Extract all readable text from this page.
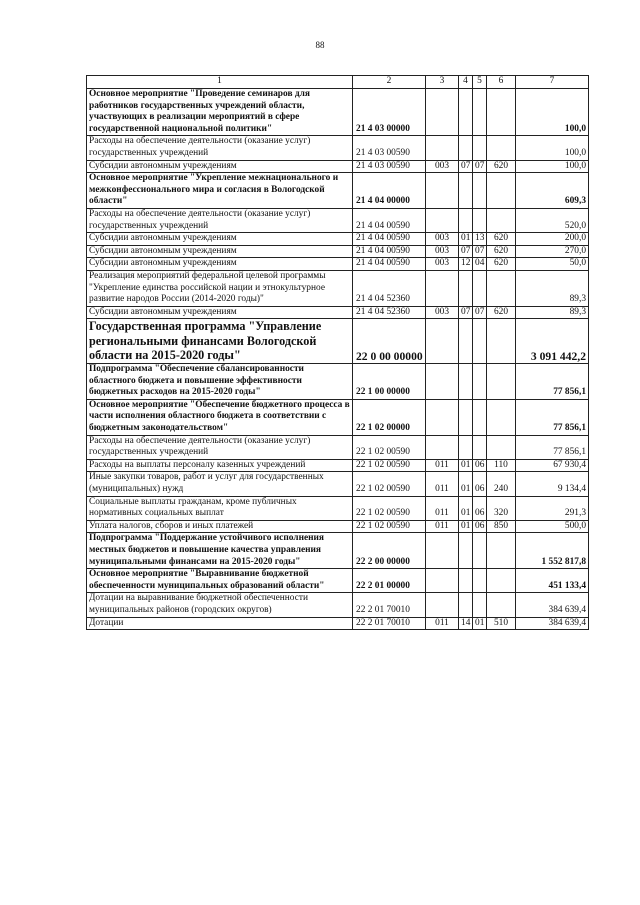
88
1	2	3	4	5	6	7
Основное мероприятие "Проведение семинаров для работников государственных учреждений области, участвующих в реализации мероприятий в сфере государственной национальной политики"	21 4 03 00000					100,0
Расходы на обеспечение деятельности (оказание услуг) государственных учреждений	21 4 03 00590					100,0
Субсидии автономным учреждениям	21 4 03 00590	003	07	07	620	100,0
Основное мероприятие "Укрепление межнационального и межконфессионального мира и согласия в Вологодской области"	21 4 04 00000					609,3
Расходы на обеспечение деятельности (оказание услуг) государственных учреждений	21 4 04 00590					520,0
Субсидии автономным учреждениям	21 4 04 00590	003	01	13	620	200,0
Субсидии автономным учреждениям	21 4 04 00590	003	07	07	620	270,0
Субсидии автономным учреждениям	21 4 04 00590	003	12	04	620	50,0
Реализация мероприятий федеральной целевой программы "Укрепление единства российской нации и этнокультурное развитие народов России (2014-2020 годы)"	21 4 04 52360					89,3
Субсидии автономным учреждениям	21 4 04 52360	003	07	07	620	89,3
Государственная программа "Управление региональными финансами Вологодской области на 2015-2020 годы"	22 0 00 00000					3 091 442,2
Подпрограмма "Обеспечение сбалансированности областного бюджета и повышение эффективности бюджетных расходов на 2015-2020 годы"	22 1 00 00000					77 856,1
Основное мероприятие "Обеспечение бюджетного процесса в части исполнения областного бюджета в соответствии с бюджетным законодательством"	22 1 02 00000					77 856,1
Расходы на обеспечение деятельности (оказание услуг) государственных учреждений	22 1 02 00590					77 856,1
Расходы на выплаты персоналу казенных учреждений	22 1 02 00590	011	01	06	110	67 930,4
Иные закупки товаров, работ и услуг для государственных (муниципальных) нужд	22 1 02 00590	011	01	06	240	9 134,4
Социальные выплаты гражданам, кроме публичных нормативных социальных выплат	22 1 02 00590	011	01	06	320	291,3
Уплата налогов, сборов и иных платежей	22 1 02 00590	011	01	06	850	500,0
Подпрограмма "Поддержание устойчивого исполнения местных бюджетов и повышение качества управления муниципальными финансами на 2015-2020 годы"	22 2 00 00000					1 552 817,8
Основное мероприятие "Выравнивание бюджетной обеспеченности муниципальных образований области"	22 2 01 00000					451 133,4
Дотации на выравнивание бюджетной обеспеченности муниципальных районов (городских округов)	22 2 01 70010					384 639,4
Дотации	22 2 01 70010	011	14	01	510	384 639,4
